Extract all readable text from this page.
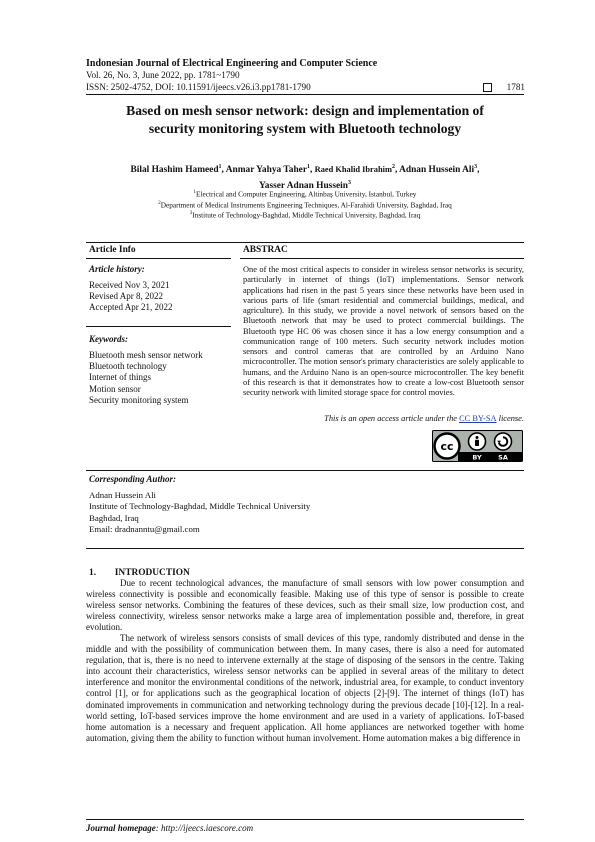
Indonesian Journal of Electrical Engineering and Computer Science
Vol. 26, No. 3, June 2022, pp. 1781~1790
ISSN: 2502-4752, DOI: 10.11591/ijeecs.v26.i3.pp1781-1790	1781
Based on mesh sensor network: design and implementation of
security monitoring system with Bluetooth technology
Bilal Hashim Hameed$^1$, Anmar Yahya Taher$^1$, Raed Khalid Ibrahim$^2$, Adnan Hussein Ali$^3$,
Yasser Adnan Hussein$^3$
$^1$Electrical and Computer Engineering, Altinbaş University, Istanbul, Turkey
$^2$Department of Medical Instruments Engineering Techniques, Al-Farahidi University, Baghdad, Iraq
$^3$Institute of Technology-Baghdad, Middle Technical University, Baghdad, Iraq
Article Info	ABSTRAC
Article history:
Received Nov 3, 2021
Revised Apr 8, 2022
Accepted Apr 21, 2022
Keywords:
Bluetooth mesh sensor network
Bluetooth technology
Internet of things
Motion sensor
Security monitoring system
One of the most critical aspects to consider in wireless sensor networks is security, particularly in internet of things (IoT) implementations. Sensor network applications had risen in the past 5 years since these networks have been used in various parts of life (smart residential and commercial buildings, medical, and agriculture). In this study, we provide a novel network of sensors based on the Bluetooth network that may be used to protect commercial buildings. The Bluetooth type HC 06 was chosen since it has a low energy consumption and a communication range of 100 meters. Such security network includes motion sensors and control cameras that are controlled by an Arduino Nano microcontroller. The motion sensor's primary characteristics are solely applicable to humans, and the Arduino Nano is an open-source microcontroller. The key benefit of this research is that it demonstrates how to create a low-cost Bluetooth sensor security network with limited storage space for control movies.
This is an open access article under the CC BY-SA license.
cc
BY	SA
Corresponding Author:
Adnan Hussein Ali
Institute of Technology-Baghdad, Middle Technical University
Baghdad, Iraq
Email: dradnanntu@gmail.com
1.        INTRODUCTION

Due to recent technological advances, the manufacture of small sensors with low power consumption and wireless connectivity is possible and economically feasible. Making use of this type of sensor is possible to create wireless sensor networks. Combining the features of these devices, such as their small size, low production cost, and wireless connectivity, wireless sensor networks make a large area of implementation possible and, therefore, in great evolution.

The network of wireless sensors consists of small devices of this type, randomly distributed and dense in the middle and with the possibility of communication between them. In many cases, there is also a need for automated regulation, that is, there is no need to intervene externally at the stage of disposing of the sensors in the centre. Taking into account their characteristics, wireless sensor networks can be applied in several areas of the military to detect interference and monitor the environmental conditions of the network, industrial area, for example, to conduct inventory control [1], or for applications such as the geographical location of objects [2]-[9]. The internet of things (IoT) has dominated improvements in communication and networking technology during the previous decade [10]-[12]. In a real-world setting, IoT-based services improve the home environment and are used in a variety of applications. IoT-based home automation is a necessary and frequent application. All home appliances are networked together with home automation, giving them the ability to function without human involvement. Home automation makes a big difference in

Journal homepage: http://ijeecs.iaescore.com
